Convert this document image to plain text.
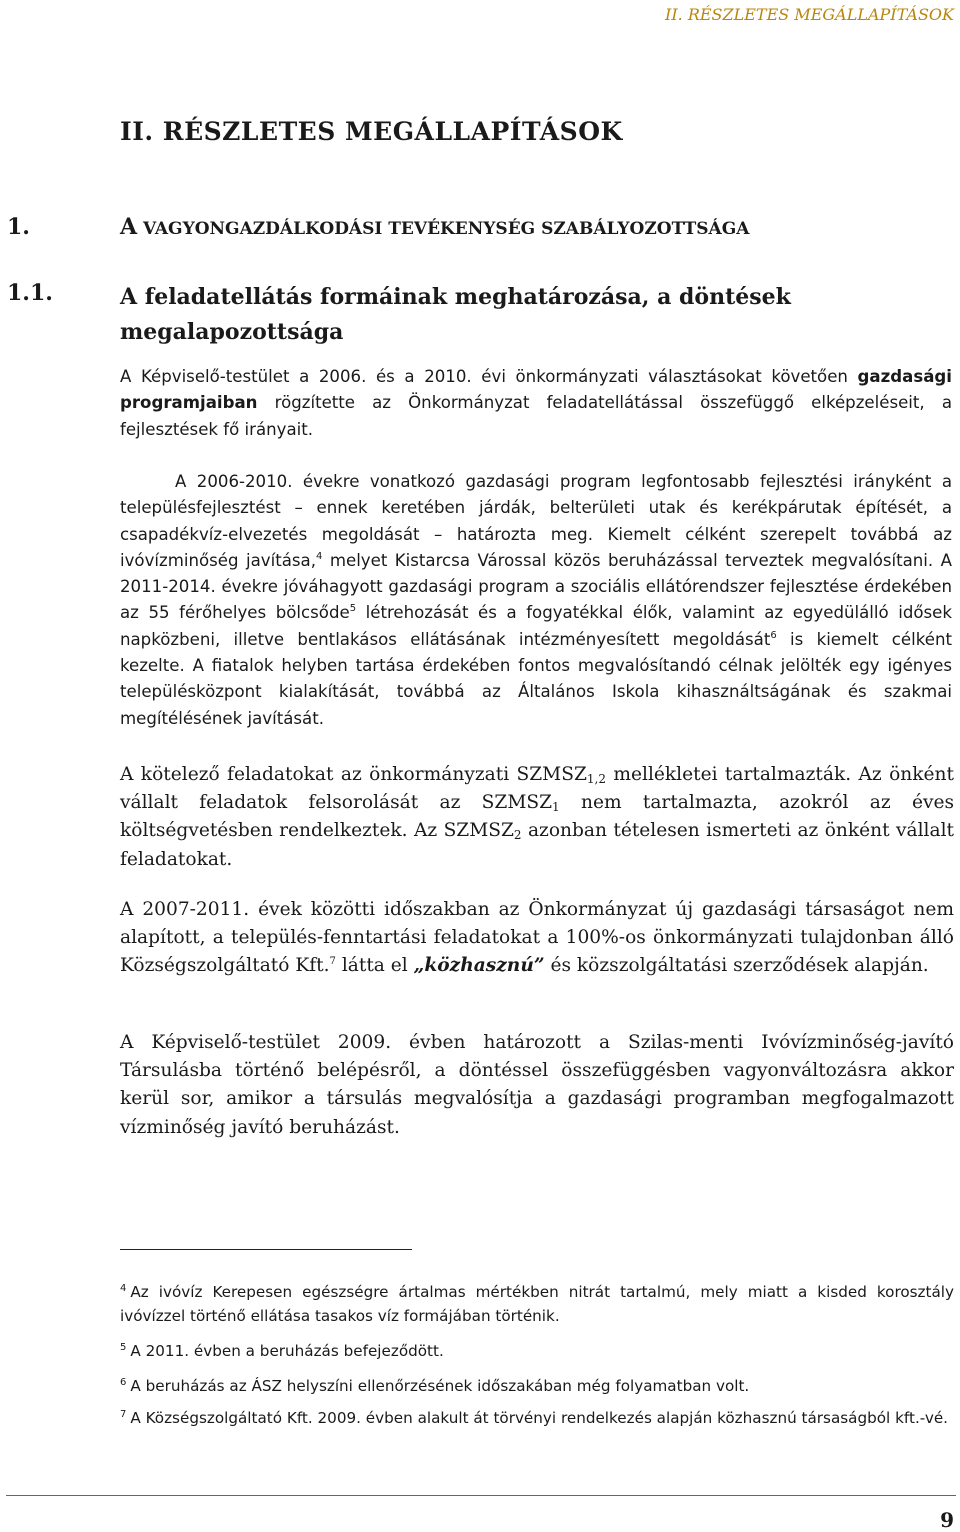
II. RÉSZLETES MEGÁLLAPÍTÁSOK
II. RÉSZLETES MEGÁLLAPÍTÁSOK
1.	A VAGYONGAZDÁLKODÁSI TEVÉKENYSÉG SZABÁLYOZOTTSÁGA
1.1.	A feladatellátás formáinak meghatározása, a döntések megalapozottsága

A Képviselő-testület a 2006. és a 2010. évi önkormányzati választásokat követően gazdasági programjaiban rögzítette az Önkormányzat feladatellátással összefüggő elképzeléseit, a fejlesztések fő irányait.

A 2006-2010. évekre vonatkozó gazdasági program legfontosabb fejlesztési irányként a településfejlesztést – ennek keretében járdák, belterületi utak és kerékpárutak építését, a csapadékvíz-elvezetés megoldását – határozta meg. Kiemelt célként szerepelt továbbá az ivóvízminőség javítása,$^4$ melyet Kistarcsa Várossal közös beruházással terveztek megvalósítani. A 2011-2014. évekre jóváhagyott gazdasági program a szociális ellátórendszer fejlesztése érdekében az 55 férőhelyes bölcsőde$^5$ létrehozását és a fogyatékkal élők, valamint az egyedülálló idősek napközbeni, illetve bentlakásos ellátásának intézményesített megoldását$^6$ is kiemelt célként kezelte. A fiatalok helyben tartása érdekében fontos megvalósítandó célnak jelölték egy igényes településközpont kialakítását, továbbá az Általános Iskola kihasználtságának és szakmai megítélésének javítását.

A kötelező feladatokat az önkormányzati $SZMSZ_{1,2}$ mellékletei tartalmazták. Az önként vállalt feladatok felsorolását az $SZMSZ_1$ nem tartalmazta, azokról az éves költségvetésben rendelkeztek. Az $SZMSZ_2$ azonban tételesen ismerteti az önként vállalt feladatokat.

A 2007-2011. évek közötti időszakban az Önkormányzat új gazdasági társaságot nem alapított, a település-fenntartási feladatokat a 100%-os önkormányzati tulajdonban álló Községszolgáltató Kft.$^7$ látta el „közhasznú” és közszolgáltatási szerződések alapján.

A Képviselő-testület 2009. évben határozott a Szilas-menti Ivóvízminőség-javító Társulásba történő belépésről, a döntéssel összefüggésben vagyonváltozásra akkor kerül sor, amikor a társulás megvalósítja a gazdasági programban megfogalmazott vízminőség javító beruházást.

$^4$ Az ivóvíz Kerepesen egészségre ártalmas mértékben nitrát tartalmú, mely miatt a kisded korosztály ivóvízzel történő ellátása tasakos víz formájában történik.

$^5$ A 2011. évben a beruházás befejeződött.

$^6$ A beruházás az ÁSZ helyszíni ellenőrzésének időszakában még folyamatban volt.

$^7$ A Községszolgáltató Kft. 2009. évben alakult át törvényi rendelkezés alapján közhasznú társaságból kft.-vé.

9
